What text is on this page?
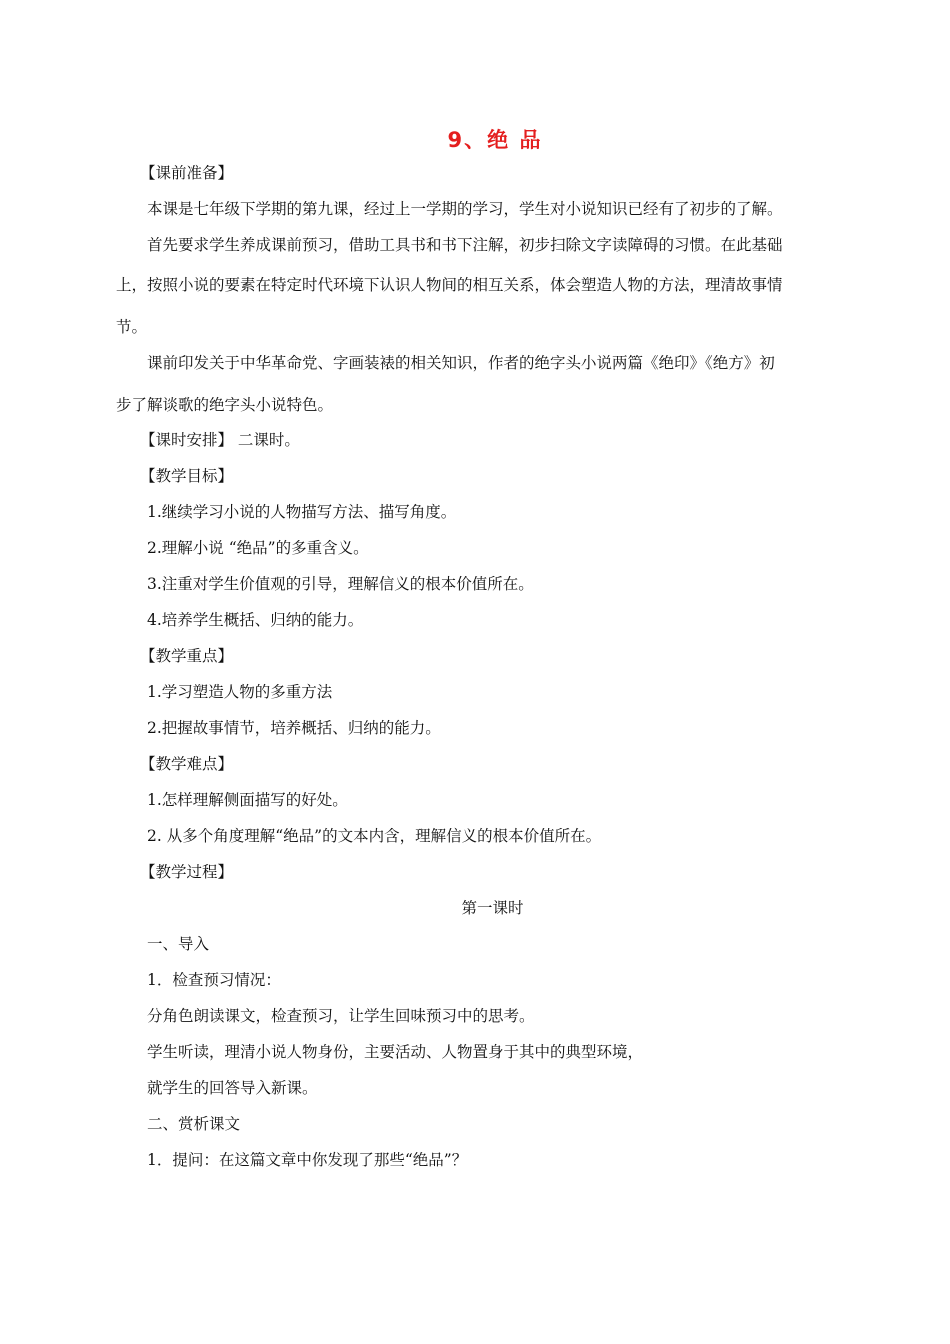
9、绝 品
【课前准备】
本课是七年级下学期的第九课，经过上一学期的学习，学生对小说知识已经有了初步的了解。
首先要求学生养成课前预习，借助工具书和书下注解，初步扫除文字读障碍的习惯。在此基础
上，按照小说的要素在特定时代环境下认识人物间的相互关系，体会塑造人物的方法，理清故事情
节。
课前印发关于中华革命党、字画装裱的相关知识，作者的绝字头小说两篇《绝印》《绝方》初
步了解谈歌的绝字头小说特色。
【课时安排】 二课时。
【教学目标】
1.继续学习小说的人物描写方法、描写角度。
2.理解小说 “绝品”的多重含义。
3.注重对学生价值观的引导，理解信义的根本价值所在。
4.培养学生概括、归纳的能力。
【教学重点】
1.学习塑造人物的多重方法
2.把握故事情节，培养概括、归纳的能力。
【教学难点】
1.怎样理解侧面描写的好处。
2. 从多个角度理解“绝品”的文本内含，理解信义的根本价值所在。
【教学过程】
第一课时
一、导入
1．检查预习情况：
分角色朗读课文，检查预习，让学生回味预习中的思考。
学生听读，理清小说人物身份，主要活动、人物置身于其中的典型环境，
就学生的回答导入新课。
二、赏析课文
1．提问：在这篇文章中你发现了那些“绝品”？
